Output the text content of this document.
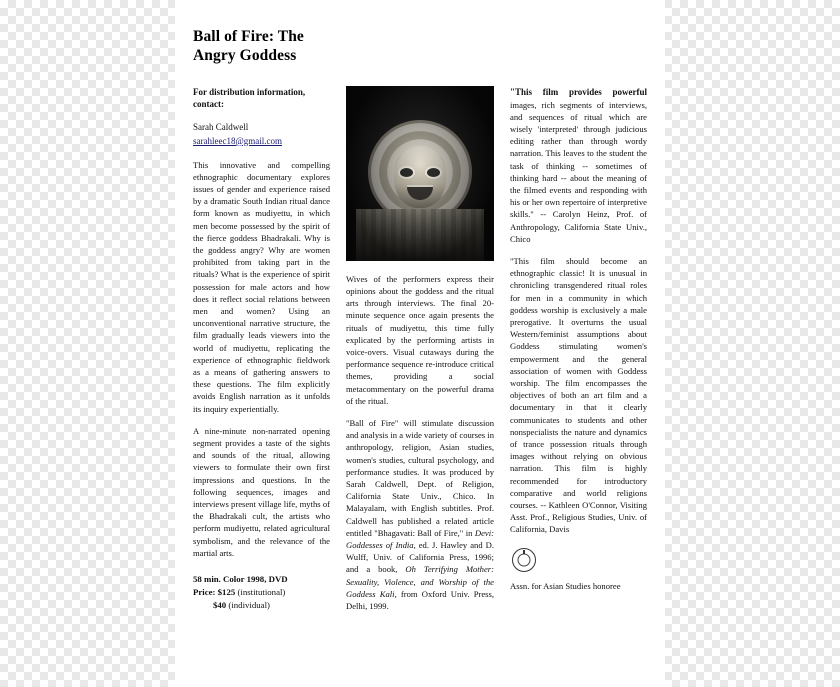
Ball of Fire: The
Angry Goddess
For distribution information,
contact:
Sarah Caldwell
sarahleec18@gmail.com

This innovative and compelling ethnographic documentary explores issues of gender and experience raised by a dramatic South Indian ritual dance form known as mudiyettu, in which men become possessed by the spirit of the fierce goddess Bhadrakali. Why is the goddess angry? Why are women prohibited from taking part in the rituals? What is the experience of spirit possession for male actors and how does it reflect social relations between men and women? Using an unconventional narrative structure, the film gradually leads viewers into the world of mudiyettu, replicating the experience of ethnographic fieldwork as a means of gathering answers to these questions. The film explicitly avoids English narration as it unfolds its inquiry experientially.

A nine-minute non-narrated opening segment provides a taste of the sights and sounds of the ritual, allowing viewers to formulate their own first impressions and questions. In the following sequences, images and interviews present village life, myths of the Bhadrakali cult, the artists who perform mudiyettu, related agricultural symbolism, and the relevance of the martial arts.

58 min. Color 1998, DVD
Price: $125 (institutional)
$40 (individual)

Wives of the performers express their opinions about the goddess and the ritual arts through interviews. The final 20-minute sequence once again presents the rituals of mudiyettu, this time fully explicated by the performing artists in voice-overs. Visual cutaways during the performance sequence re-introduce critical themes, providing a social metacommentary on the powerful drama of the ritual.

"Ball of Fire" will stimulate discussion and analysis in a wide variety of courses in anthropology, religion, Asian studies, women's studies, cultural psychology, and performance studies. It was produced by Sarah Caldwell, Dept. of Religion, California State Univ., Chico. In Malayalam, with English subtitles. Prof. Caldwell has published a related article entitled "Bhagavati: Ball of Fire," in Devi: Goddesses of India, ed. J. Hawley and D. Wulff, Univ. of California Press, 1996; and a book, Oh Terrifying Mother: Sexuality, Violence, and Worship of the Goddess Kali, from Oxford Univ. Press, Delhi, 1999.

"This film provides powerful images, rich segments of interviews, and sequences of ritual which are wisely 'interpreted' through judicious editing rather than through wordy narration. This leaves to the student the task of thinking -- sometimes of thinking hard -- about the meaning of the filmed events and responding with his or her own repertoire of interpretive skills." -- Carolyn Heinz, Prof. of Anthropology, California State Univ., Chico

"This film should become an ethnographic classic! It is unusual in chronicling transgendered ritual roles for men in a community in which goddess worship is exclusively a male prerogative. It overturns the usual Western/feminist assumptions about Goddess stimulating women's empowerment and the general association of women with Goddess worship. The film encompasses the objectives of both an art film and a documentary in that it clearly communicates to students and other nonspecialists the nature and dynamics of trance possession rituals through images without relying on obvious narration. This film is highly recommended for introductory comparative and world religions courses. -- Kathleen O'Connor, Visiting Asst. Prof., Religious Studies, Univ. of California, Davis

Assn. for Asian Studies honoree
